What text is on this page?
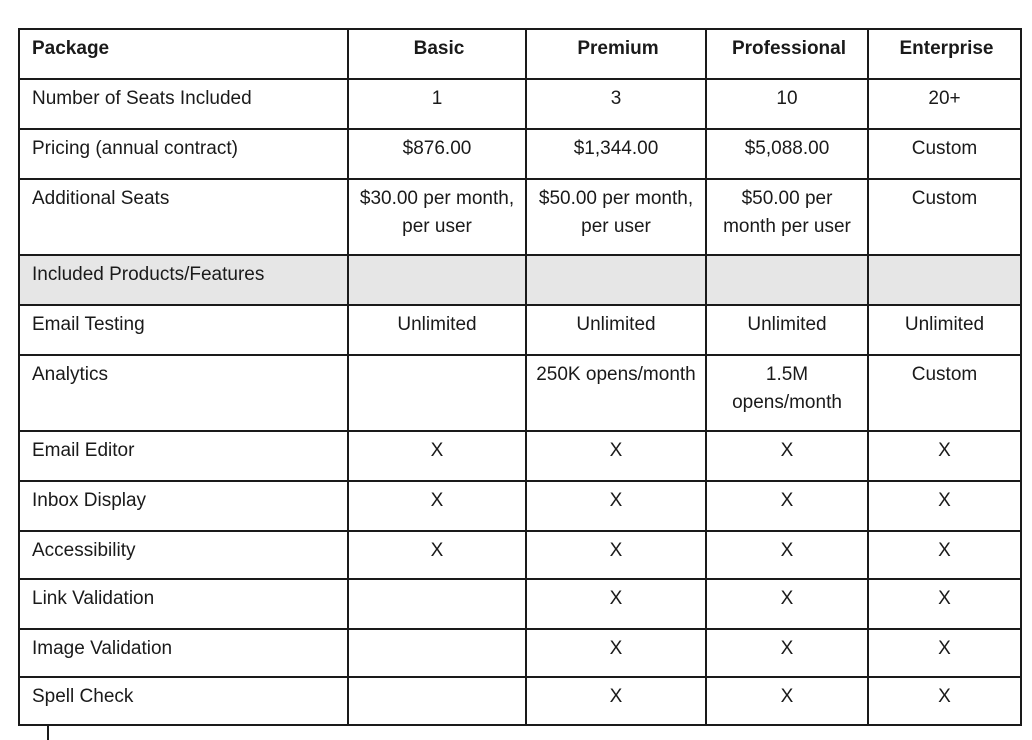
Package	Basic	Premium	Professional	Enterprise
Number of Seats Included	1	3	10	20+
Pricing (annual contract)	$876.00	$1,344.00	$5,088.00	Custom
Additional Seats	$30.00 per month, per user	$50.00 per month, per user	$50.00 per month per user	Custom
Included Products/Features				
Email Testing	Unlimited	Unlimited	Unlimited	Unlimited
Analytics		250K opens/month	1.5M opens/month	Custom
Email Editor	X	X	X	X
Inbox Display	X	X	X	X
Accessibility	X	X	X	X
Link Validation		X	X	X
Image Validation		X	X	X
Spell Check		X	X	X
